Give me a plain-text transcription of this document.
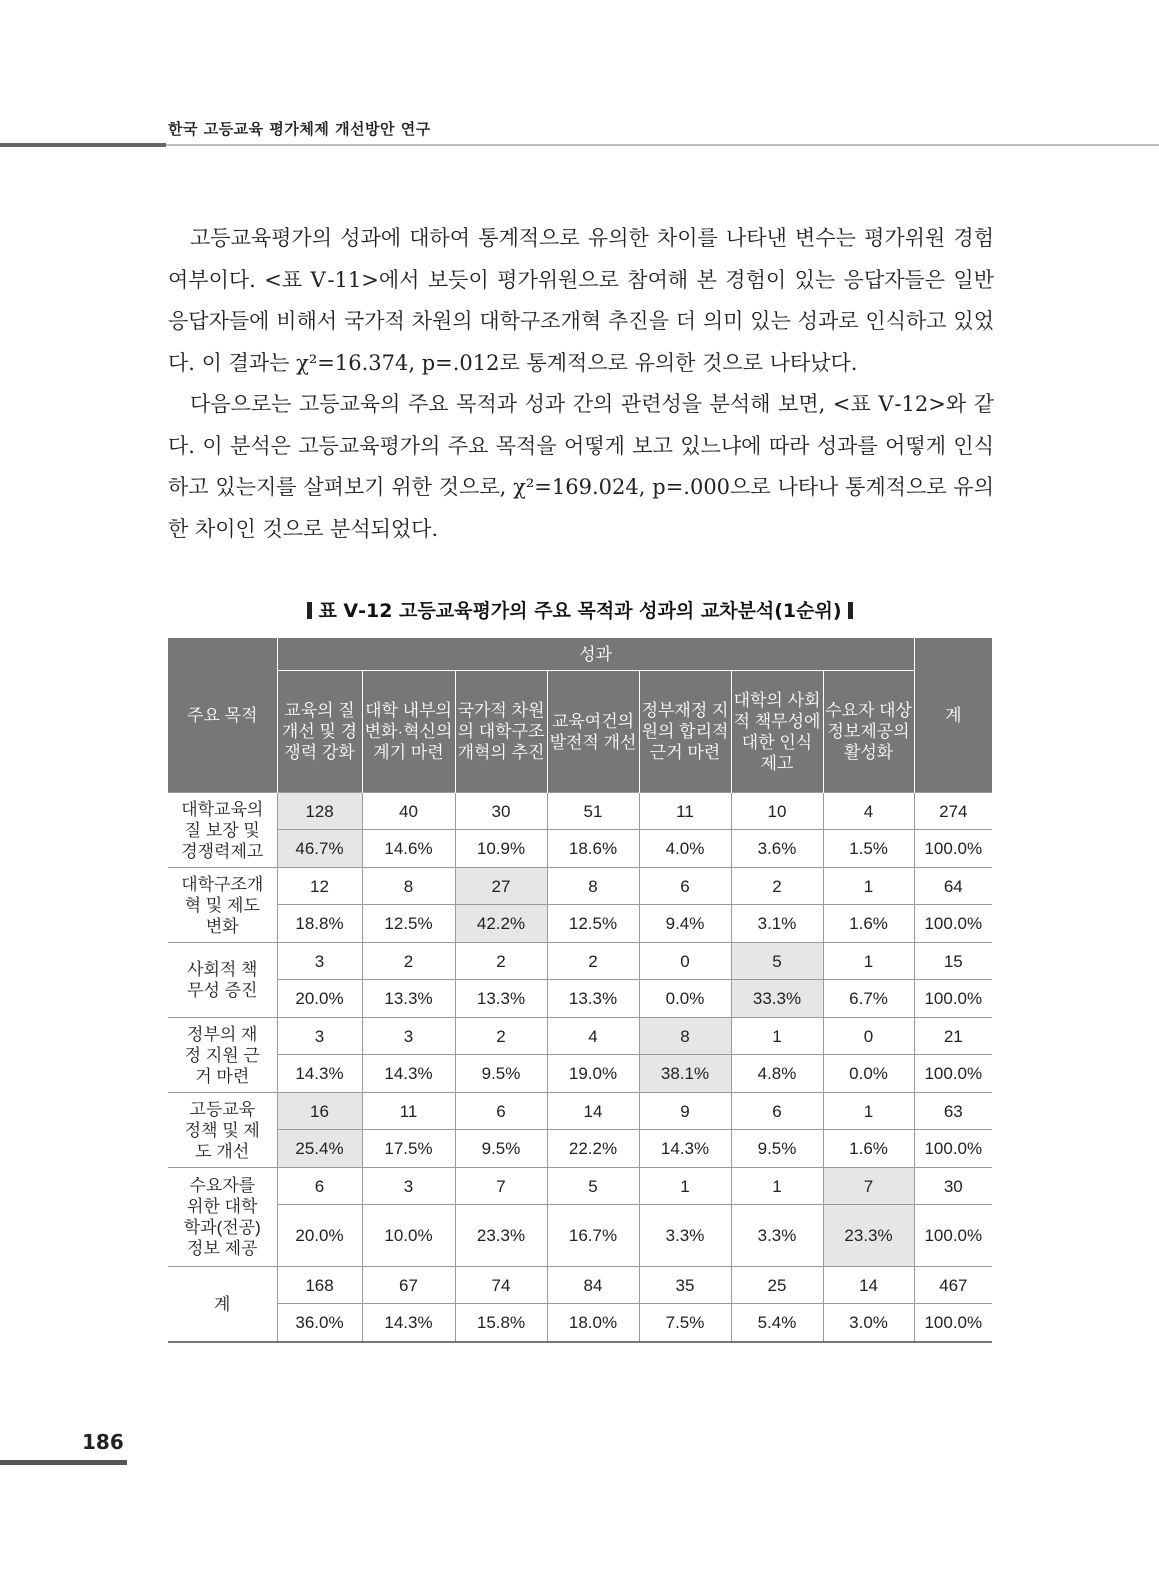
한국 고등교육 평가체제 개선방안 연구

고등교육평가의 성과에 대하여 통계적으로 유의한 차이를 나타낸 변수는 평가위원 경험 여부이다. <표 Ⅴ-11>에서 보듯이 평가위원으로 참여해 본 경험이 있는 응답자들은 일반 응답자들에 비해서 국가적 차원의 대학구조개혁 추진을 더 의미 있는 성과로 인식하고 있었다. 이 결과는 χ²=16.374, p=.012로 통계적으로 유의한 것으로 나타났다.

다음으로는 고등교육의 주요 목적과 성과 간의 관련성을 분석해 보면, <표 Ⅴ-12>와 같다. 이 분석은 고등교육평가의 주요 목적을 어떻게 보고 있느냐에 따라 성과를 어떻게 인식하고 있는지를 살펴보기 위한 것으로, χ²=169.024, p=.000으로 나타나 통계적으로 유의한 차이인 것으로 분석되었다.

표 Ⅴ-12 고등교육평가의 주요 목적과 성과의 교차분석(1순위)
주요 목적	성과							계
	교육의 질 개선 및 경쟁력 강화	대학 내부의 변화·혁신의 계기 마련	국가적 차원의 대학구조 개혁의 추진	교육여건의 발전적 개선	정부재정 지원의 합리적 근거 마련	대학의 사회적 책무성에 대한 인식 제고	수요자 대상 정보제공의 활성화	
대학교육의 질 보장 및 경쟁력제고	128	40	30	51	11	10	4	274
	46.7%	14.6%	10.9%	18.6%	4.0%	3.6%	1.5%	100.0%
대학구조개혁 및 제도 변화	12	8	27	8	6	2	1	64
	18.8%	12.5%	42.2%	12.5%	9.4%	3.1%	1.6%	100.0%
사회적 책무성 증진	3	2	2	2	0	5	1	15
	20.0%	13.3%	13.3%	13.3%	0.0%	33.3%	6.7%	100.0%
정부의 재정 지원 근거 마련	3	3	2	4	8	1	0	21
	14.3%	14.3%	9.5%	19.0%	38.1%	4.8%	0.0%	100.0%
고등교육 정책 및 제도 개선	16	11	6	14	9	6	1	63
	25.4%	17.5%	9.5%	22.2%	14.3%	9.5%	1.6%	100.0%
수요자를 위한 대학 학과(전공) 정보 제공	6	3	7	5	1	1	7	30
	20.0%	10.0%	23.3%	16.7%	3.3%	3.3%	23.3%	100.0%
계	168	67	74	84	35	25	14	467
	36.0%	14.3%	15.8%	18.0%	7.5%	5.4%	3.0%	100.0%
186
